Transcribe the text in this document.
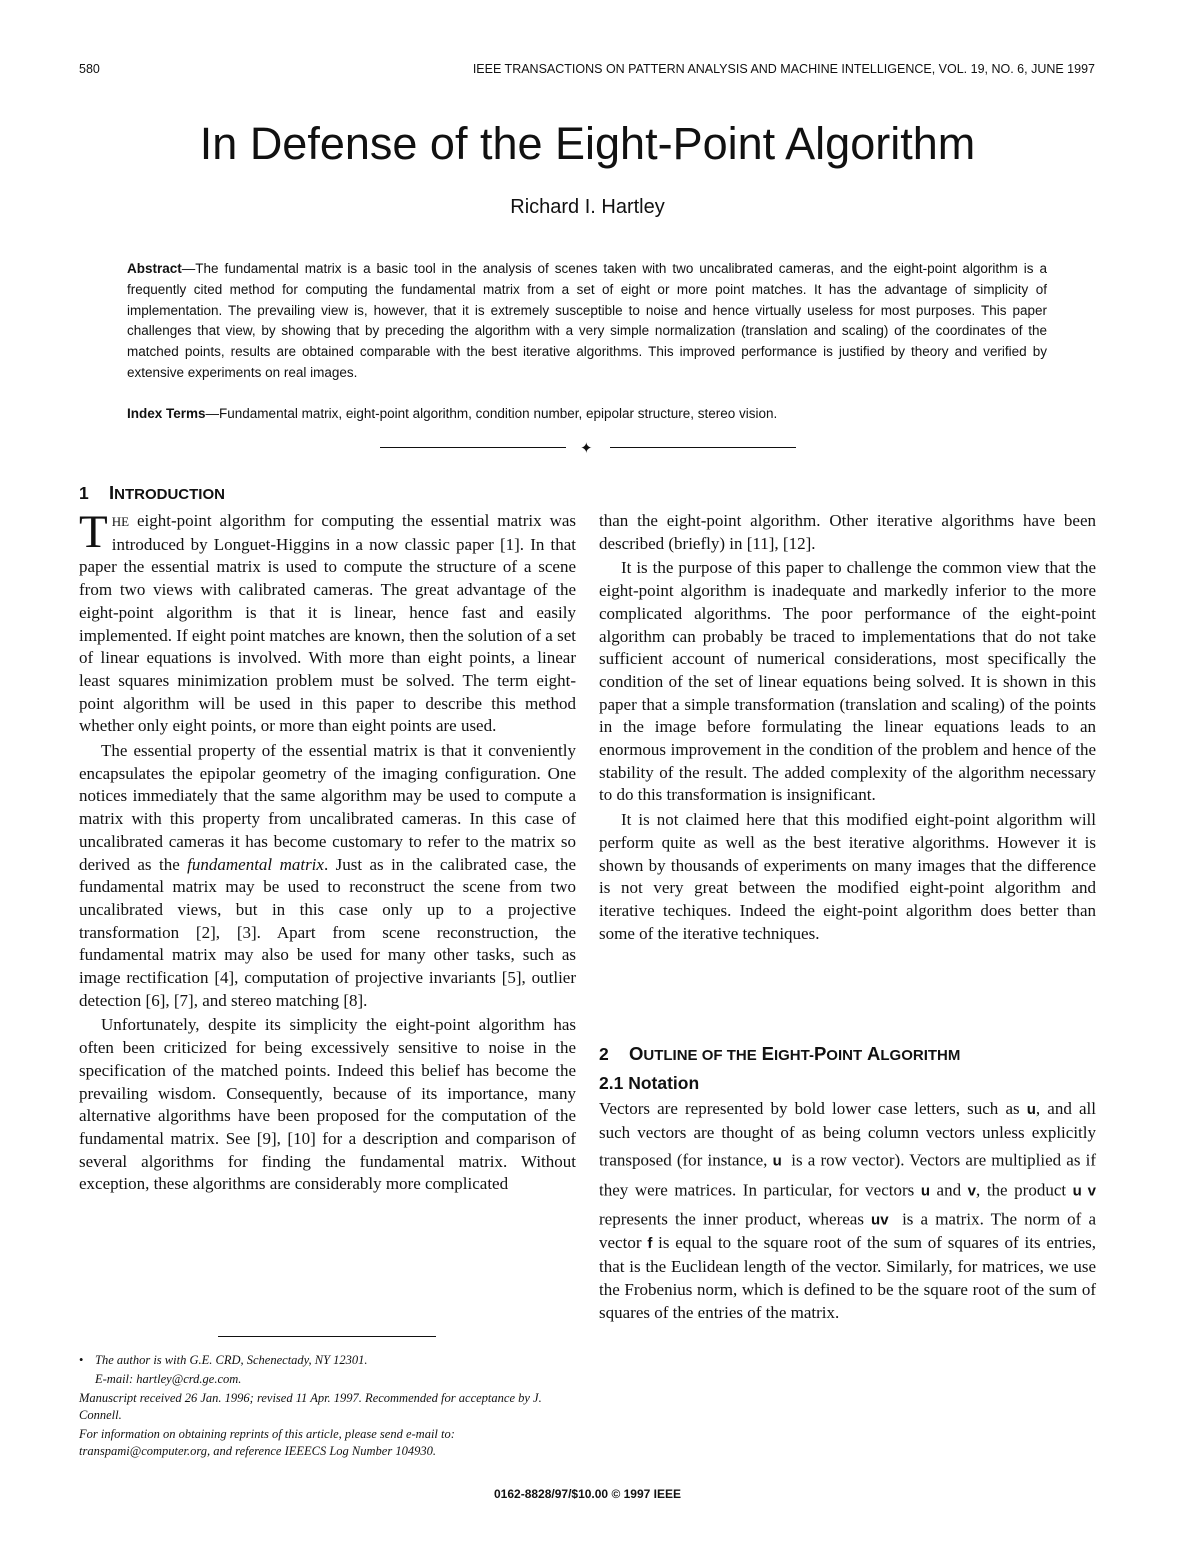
580	IEEE TRANSACTIONS ON PATTERN ANALYSIS AND MACHINE INTELLIGENCE, VOL. 19, NO. 6, JUNE 1997
In Defense of the Eight-Point Algorithm
Richard I. Hartley
Abstract—The fundamental matrix is a basic tool in the analysis of scenes taken with two uncalibrated cameras, and the eight-point algorithm is a frequently cited method for computing the fundamental matrix from a set of eight or more point matches. It has the advantage of simplicity of implementation. The prevailing view is, however, that it is extremely susceptible to noise and hence virtually useless for most purposes. This paper challenges that view, by showing that by preceding the algorithm with a very simple normalization (translation and scaling) of the coordinates of the matched points, results are obtained comparable with the best iterative algorithms. This improved performance is justified by theory and verified by extensive experiments on real images.
Index Terms—Fundamental matrix, eight-point algorithm, condition number, epipolar structure, stereo vision.
✦
1 INTRODUCTION

THE eight-point algorithm for computing the essential matrix was introduced by Longuet-Higgins in a now classic paper [1]. In that paper the essential matrix is used to compute the structure of a scene from two views with calibrated cameras. The great advantage of the eight-point algorithm is that it is linear, hence fast and easily implemented. If eight point matches are known, then the solution of a set of linear equations is involved. With more than eight points, a linear least squares minimization problem must be solved. The term eight-point algorithm will be used in this paper to describe this method whether only eight points, or more than eight points are used.

The essential property of the essential matrix is that it conveniently encapsulates the epipolar geometry of the imaging configuration. One notices immediately that the same algorithm may be used to compute a matrix with this property from uncalibrated cameras. In this case of uncalibrated cameras it has become customary to refer to the matrix so derived as the fundamental matrix. Just as in the calibrated case, the fundamental matrix may be used to reconstruct the scene from two uncalibrated views, but in this case only up to a projective transformation [2], [3]. Apart from scene reconstruction, the fundamental matrix may also be used for many other tasks, such as image rectification [4], computation of projective invariants [5], outlier detection [6], [7], and stereo matching [8].

Unfortunately, despite its simplicity the eight-point algorithm has often been criticized for being excessively sensitive to noise in the specification of the matched points. Indeed this belief has become the prevailing wisdom. Consequently, because of its importance, many alternative algorithms have been proposed for the computation of the fundamental matrix. See [9], [10] for a description and comparison of several algorithms for finding the fundamental matrix. Without exception, these algorithms are considerably more complicated

• The author is with G.E. CRD, Schenectady, NY 12301.
E-mail: hartley@crd.ge.com.
Manuscript received 26 Jan. 1996; revised 11 Apr. 1997. Recommended for acceptance by J. Connell.
For information on obtaining reprints of this article, please send e-mail to: transpami@computer.org, and reference IEEECS Log Number 104930.

than the eight-point algorithm. Other iterative algorithms have been described (briefly) in [11], [12].

It is the purpose of this paper to challenge the common view that the eight-point algorithm is inadequate and markedly inferior to the more complicated algorithms. The poor performance of the eight-point algorithm can probably be traced to implementations that do not take sufficient account of numerical considerations, most specifically the condition of the set of linear equations being solved. It is shown in this paper that a simple transformation (translation and scaling) of the points in the image before formulating the linear equations leads to an enormous improvement in the condition of the problem and hence of the stability of the result. The added complexity of the algorithm necessary to do this transformation is insignificant.

It is not claimed here that this modified eight-point algorithm will perform quite as well as the best iterative algorithms. However it is shown by thousands of experiments on many images that the difference is not very great between the modified eight-point algorithm and iterative techiques. Indeed the eight-point algorithm does better than some of the iterative techniques.

2 OUTLINE OF THE EIGHT-POINT ALGORITHM
2.1 Notation

Vectors are represented by bold lower case letters, such as u, and all such vectors are thought of as being column vectors unless explicitly transposed (for instance, u  is a row vector). Vectors are multiplied as if they were matrices. In particular, for vectors u and v, the product u v represents the inner product, whereas uv  is a matrix. The norm of a vector f is equal to the square root of the sum of squares of its entries, that is the Euclidean length of the vector. Similarly, for matrices, we use the Frobenius norm, which is defined to be the square root of the sum of squares of the entries of the matrix.

0162-8828/97/$10.00 © 1997 IEEE
